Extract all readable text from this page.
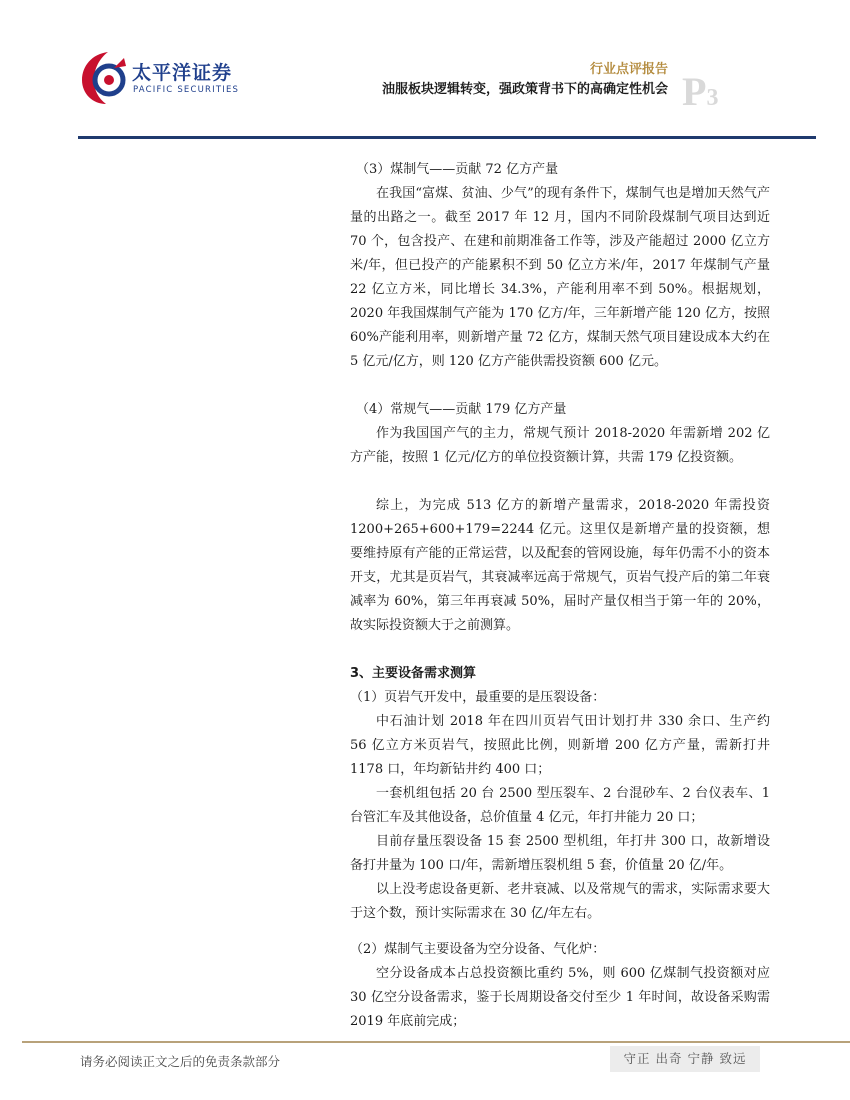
太平洋证券
PACIFIC SECURITIES
行业点评报告
油服板块逻辑转变，强政策背书下的高确定性机会 P3

（3）煤制气——贡献 72 亿方产量

在我国“富煤、贫油、少气”的现有条件下，煤制气也是增加天然气产量的出路之一。截至 2017 年 12 月，国内不同阶段煤制气项目达到近 70 个，包含投产、在建和前期准备工作等，涉及产能超过 2000 亿立方米/年，但已投产的产能累积不到 50 亿立方米/年，2017 年煤制气产量 22 亿立方米，同比增长 34.3%，产能利用率不到 50%。根据规划，2020 年我国煤制气产能为 170 亿方/年，三年新增产能 120 亿方，按照 60%产能利用率，则新增产量 72 亿方，煤制天然气项目建设成本大约在 5 亿元/亿方，则 120 亿方产能供需投资额 600 亿元。

（4）常规气——贡献 179 亿方产量

作为我国国产气的主力，常规气预计 2018-2020 年需新增 202 亿方产能，按照 1 亿元/亿方的单位投资额计算，共需 179 亿投资额。

综上，为完成 513 亿方的新增产量需求，2018-2020 年需投资 1200+265+600+179=2244 亿元。这里仅是新增产量的投资额，想要维持原有产能的正常运营，以及配套的管网设施，每年仍需不小的资本开支，尤其是页岩气，其衰减率远高于常规气，页岩气投产后的第二年衰减率为 60%，第三年再衰减 50%，届时产量仅相当于第一年的 20%，故实际投资额大于之前测算。

3、主要设备需求测算

（1）页岩气开发中，最重要的是压裂设备：

中石油计划 2018 年在四川页岩气田计划打井 330 余口、生产约 56 亿立方米页岩气，按照此比例，则新增 200 亿方产量，需新打井 1178 口，年均新钻井约 400 口；

一套机组包括 20 台 2500 型压裂车、2 台混砂车、2 台仪表车、1 台管汇车及其他设备，总价值量 4 亿元，年打井能力 20 口；

目前存量压裂设备 15 套 2500 型机组，年打井 300 口，故新增设备打井量为 100 口/年，需新增压裂机组 5 套，价值量 20 亿/年。

以上没考虑设备更新、老井衰减、以及常规气的需求，实际需求要大于这个数，预计实际需求在 30 亿/年左右。

（2）煤制气主要设备为空分设备、气化炉：

空分设备成本占总投资额比重约 5%，则 600 亿煤制气投资额对应 30 亿空分设备需求，鉴于长周期设备交付至少 1 年时间，故设备采购需 2019 年底前完成；

请务必阅读正文之后的免责条款部分	守正 出奇 宁静 致远
